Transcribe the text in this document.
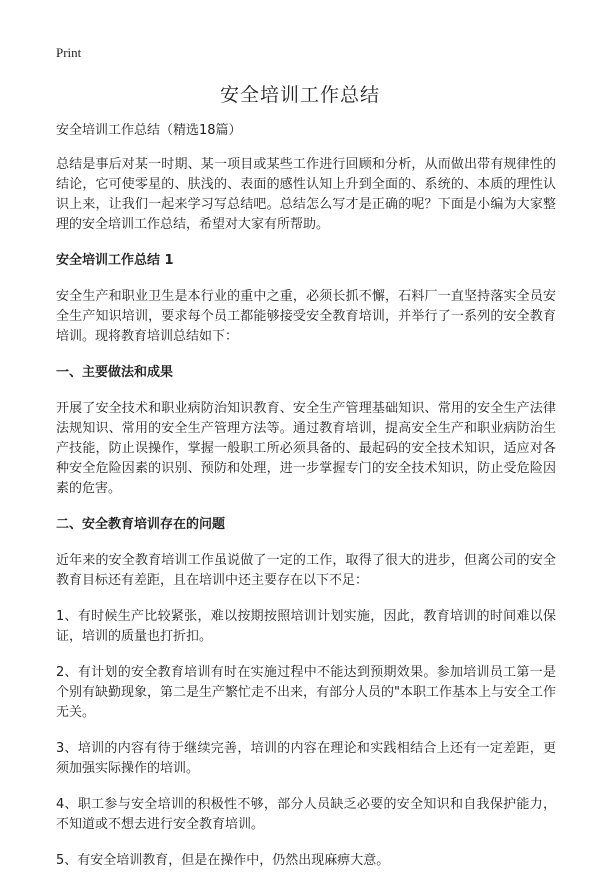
Print
安全培训工作总结

安全培训工作总结（精选18篇）

总结是事后对某一时期、某一项目或某些工作进行回顾和分析，从而做出带有规律性的结论，它可使零星的、肤浅的、表面的感性认知上升到全面的、系统的、本质的理性认识上来，让我们一起来学习写总结吧。总结怎么写才是正确的呢？下面是小编为大家整理的安全培训工作总结，希望对大家有所帮助。

安全培训工作总结 1

安全生产和职业卫生是本行业的重中之重，必须长抓不懈，石料厂一直坚持落实全员安全生产知识培训，要求每个员工都能够接受安全教育培训，并举行了一系列的安全教育培训。现将教育培训总结如下：

一、主要做法和成果

开展了安全技术和职业病防治知识教育、安全生产管理基础知识、常用的安全生产法律法规知识、常用的安全生产管理方法等。通过教育培训，提高安全生产和职业病防治生产技能，防止误操作，掌握一般职工所必须具备的、最起码的安全技术知识，适应对各种安全危险因素的识别、预防和处理，进一步掌握专门的安全技术知识，防止受危险因素的危害。

二、安全教育培训存在的问题

近年来的安全教育培训工作虽说做了一定的工作，取得了很大的进步，但离公司的安全教育目标还有差距，且在培训中还主要存在以下不足：

1、有时候生产比较紧张，难以按期按照培训计划实施，因此，教育培训的时间难以保证，培训的质量也打折扣。

2、有计划的安全教育培训有时在实施过程中不能达到预期效果。参加培训员工第一是个别有缺勤现象，第二是生产繁忙走不出来，有部分人员的"本职工作基本上与安全工作无关。

3、培训的内容有待于继续完善，培训的内容在理论和实践相结合上还有一定差距，更须加强实际操作的培训。

4、职工参与安全培训的积极性不够，部分人员缺乏必要的安全知识和自我保护能力，不知道或不想去进行安全教育培训。

5、有安全培训教育，但是在操作中，仍然出现麻痹大意。
